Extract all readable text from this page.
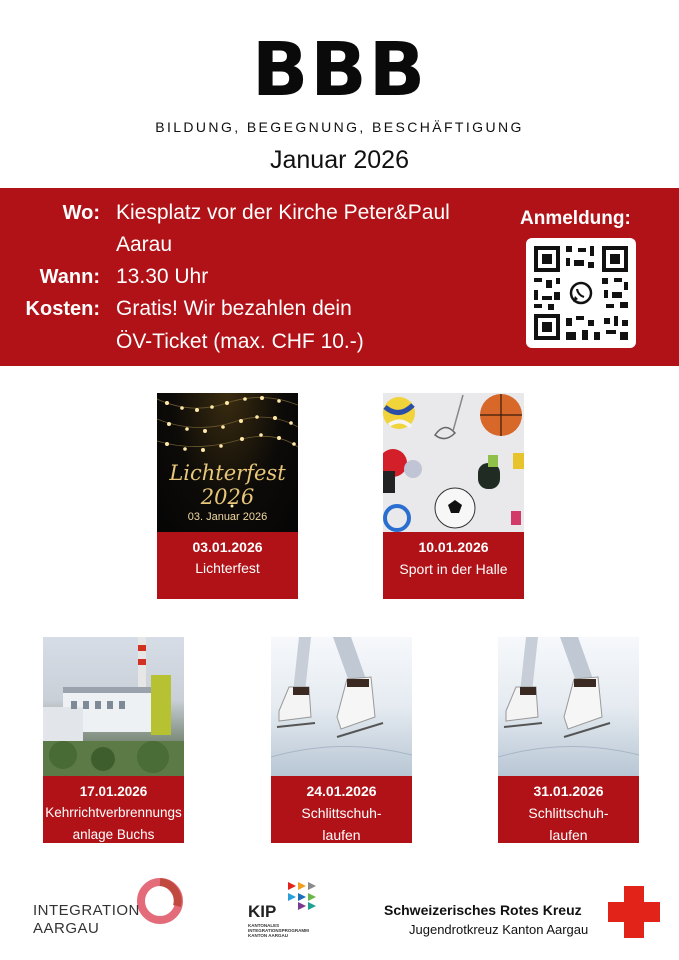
BBB
BILDUNG, BEGEGNUNG, BESCHÄFTIGUNG
Januar 2026
Wo: Kiesplatz vor der Kirche Peter&Paul
Aarau
Wann: 13.30 Uhr
Kosten: Gratis! Wir bezahlen dein
ÖV-Ticket (max. CHF 10.-)
Anmeldung:
Lichterfest 2026
03. Januar 2026
03.01.2026
Lichterfest
10.01.2026
Sport in der Halle
17.01.2026
Kehrrichtverbrennungsanlage Buchs
24.01.2026
Schlittschuh-laufen
31.01.2026
Schlittschuh-laufen
INTEGRATION
AARGAU
KIP
KANTONALES
INTEGRATIONSPROGRAMM
KANTON AARGAU
Schweizerisches Rotes Kreuz
Jugendrotkreuz Kanton Aargau
